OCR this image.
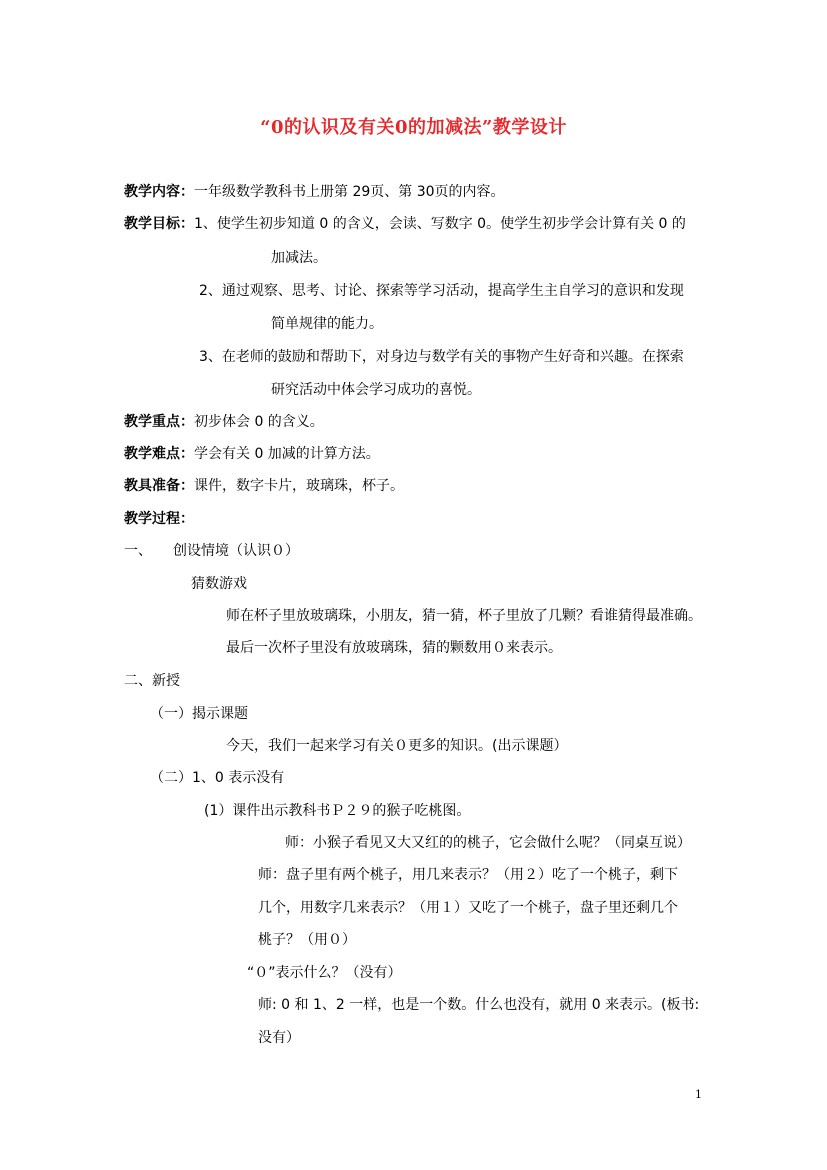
“0的认识及有关0的加减法”教学设计
教学内容：一年级数学教科书上册第 29页、第 30页的内容。
教学目标：1、使学生初步知道 0 的含义，会读、写数字 0。使学生初步学会计算有关 0 的
加减法。
2、通过观察、思考、讨论、探索等学习活动，提高学生主自学习的意识和发现
简单规律的能力。
3、在老师的鼓励和帮助下，对身边与数学有关的事物产生好奇和兴趣。在探索
研究活动中体会学习成功的喜悦。
教学重点：初步体会 0 的含义。
教学难点：学会有关 0 加减的计算方法。
教具准备：课件，数字卡片，玻璃珠，杯子。
教学过程：
一、 创设情境（认识０）
猜数游戏
师在杯子里放玻璃珠，小朋友，猜一猜，杯子里放了几颗？看谁猜得最准确。
最后一次杯子里没有放玻璃珠，猜的颗数用０来表示。
二、新授
（一）揭示课题
今天，我们一起来学习有关０更多的知识。(出示课题）
（二）1、0 表示没有
(1）课件出示教科书Ｐ２９的猴子吃桃图。
师：小猴子看见又大又红的的桃子，它会做什么呢？（同桌互说）
师：盘子里有两个桃子，用几来表示？（用２）吃了一个桃子，剩下
几个，用数字几来表示？（用１）又吃了一个桃子，盘子里还剩几个
桃子？（用０）
“０”表示什么？（没有）
师: 0 和 1、2 一样，也是一个数。什么也没有，就用 0 来表示。(板书:
没有）
1
